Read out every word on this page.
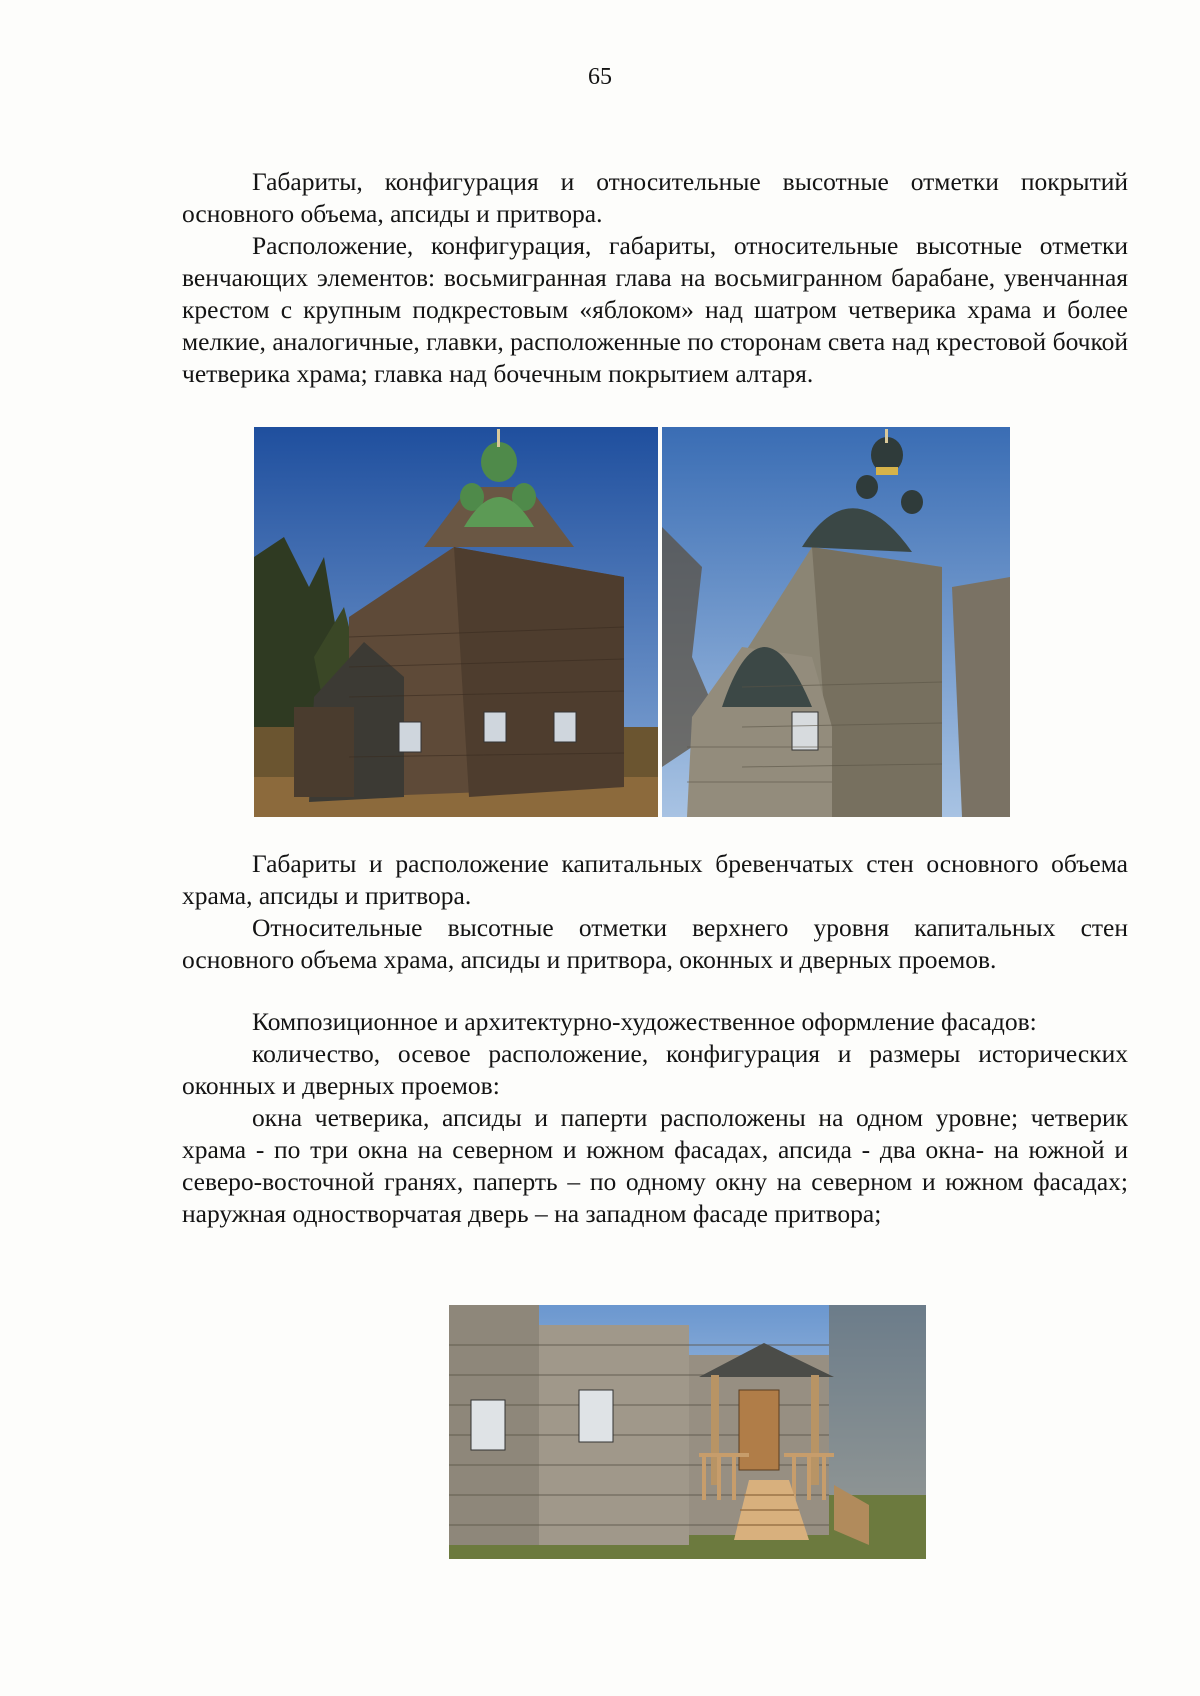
65

Габариты, конфигурация и относительные высотные отметки покрытий основного объема, апсиды и притвора.

Расположение, конфигурация, габариты, относительные высотные отметки венчающих элементов: восьмигранная глава на восьмигранном барабане, увенчанная крестом с крупным подкрестовым «яблоком» над шатром четверика храма и более мелкие, аналогичные, главки, расположенные по сторонам света над крестовой бочкой четверика храма; главка над бочечным покрытием алтаря.

Габариты и расположение капитальных бревенчатых стен основного объема храма, апсиды и притвора.

Относительные высотные отметки верхнего уровня капитальных стен основного объема храма, апсиды и притвора, оконных и дверных проемов.

Композиционное и архитектурно-художественное оформление фасадов:

количество, осевое расположение, конфигурация и размеры исторических оконных и дверных проемов:

окна четверика, апсиды и паперти расположены на одном уровне; четверик храма - по три окна на северном и южном фасадах, апсида - два окна- на южной и северо-восточной гранях, паперть – по одному окну на северном и южном фасадах; наружная одностворчатая дверь – на западном фасаде притвора;
